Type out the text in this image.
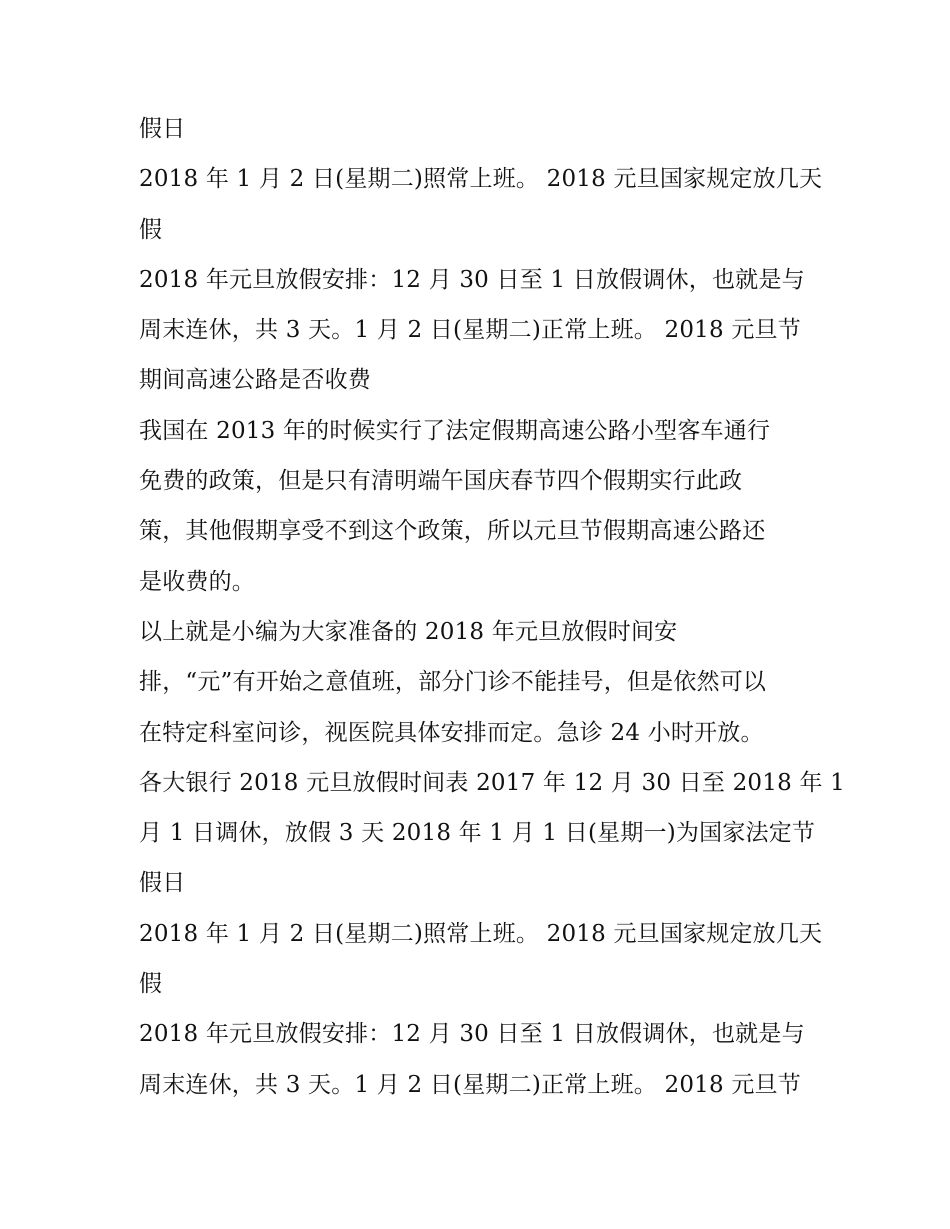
假日
2018 年 1 月 2 日(星期二)照常上班。 2018 元旦国家规定放几天
假
2018 年元旦放假安排：12 月 30 日至 1 日放假调休，也就是与
周末连休，共 3 天。1 月 2 日(星期二)正常上班。 2018 元旦节
期间高速公路是否收费
我国在 2013 年的时候实行了法定假期高速公路小型客车通行
免费的政策，但是只有清明端午国庆春节四个假期实行此政
策，其他假期享受不到这个政策，所以元旦节假期高速公路还
是收费的。
以上就是小编为大家准备的 2018 年元旦放假时间安
排，“元”有开始之意值班，部分门诊不能挂号，但是依然可以
在特定科室问诊，视医院具体安排而定。急诊 24 小时开放。
各大银行 2018 元旦放假时间表 2017 年 12 月 30 日至 2018 年 1
月 1 日调休，放假 3 天 2018 年 1 月 1 日(星期一)为国家法定节
假日
2018 年 1 月 2 日(星期二)照常上班。 2018 元旦国家规定放几天
假
2018 年元旦放假安排：12 月 30 日至 1 日放假调休，也就是与
周末连休，共 3 天。1 月 2 日(星期二)正常上班。 2018 元旦节
